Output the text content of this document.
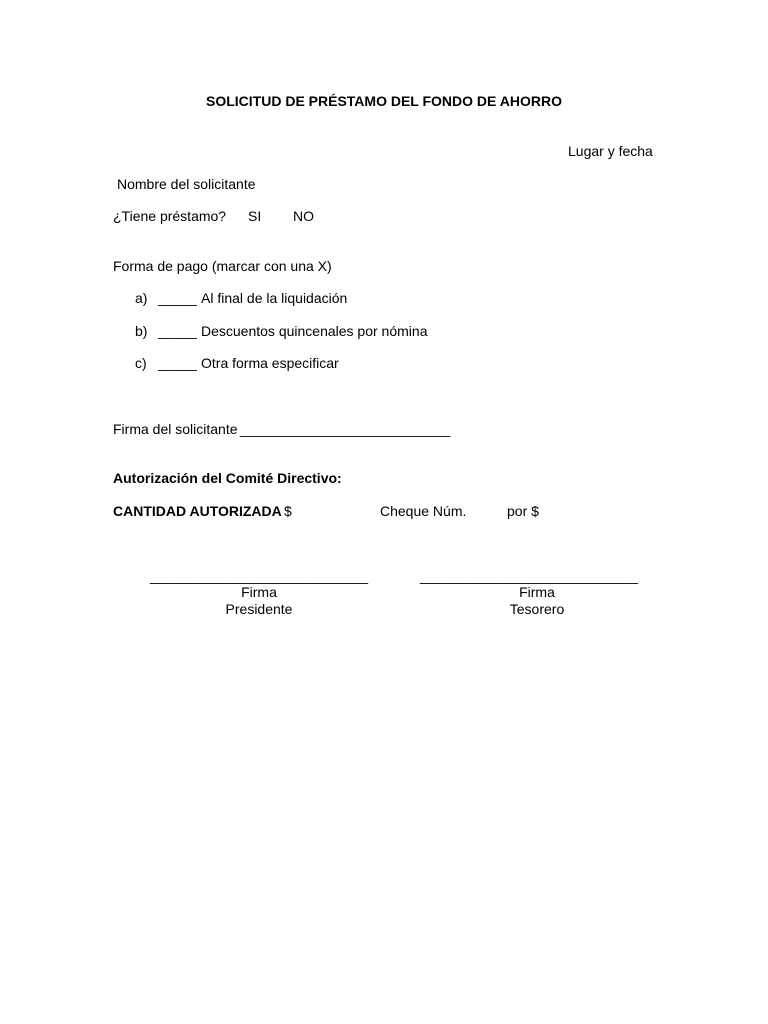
SOLICITUD DE PRÉSTAMO DEL FONDO DE AHORRO
Lugar y fecha
Nombre del solicitante
¿Tiene préstamo? SI NO
Forma de pago (marcar con una X)
a) _____ Al final de la liquidación
b) _____ Descuentos quincenales por nómina
c) _____ Otra forma especificar
Firma del solicitante ___________________________
Autorización del Comité Directivo:
CANTIDAD AUTORIZADA $	Cheque Núm.	por $
____________________________
Firma
Presidente
____________________________
Firma
Tesorero
